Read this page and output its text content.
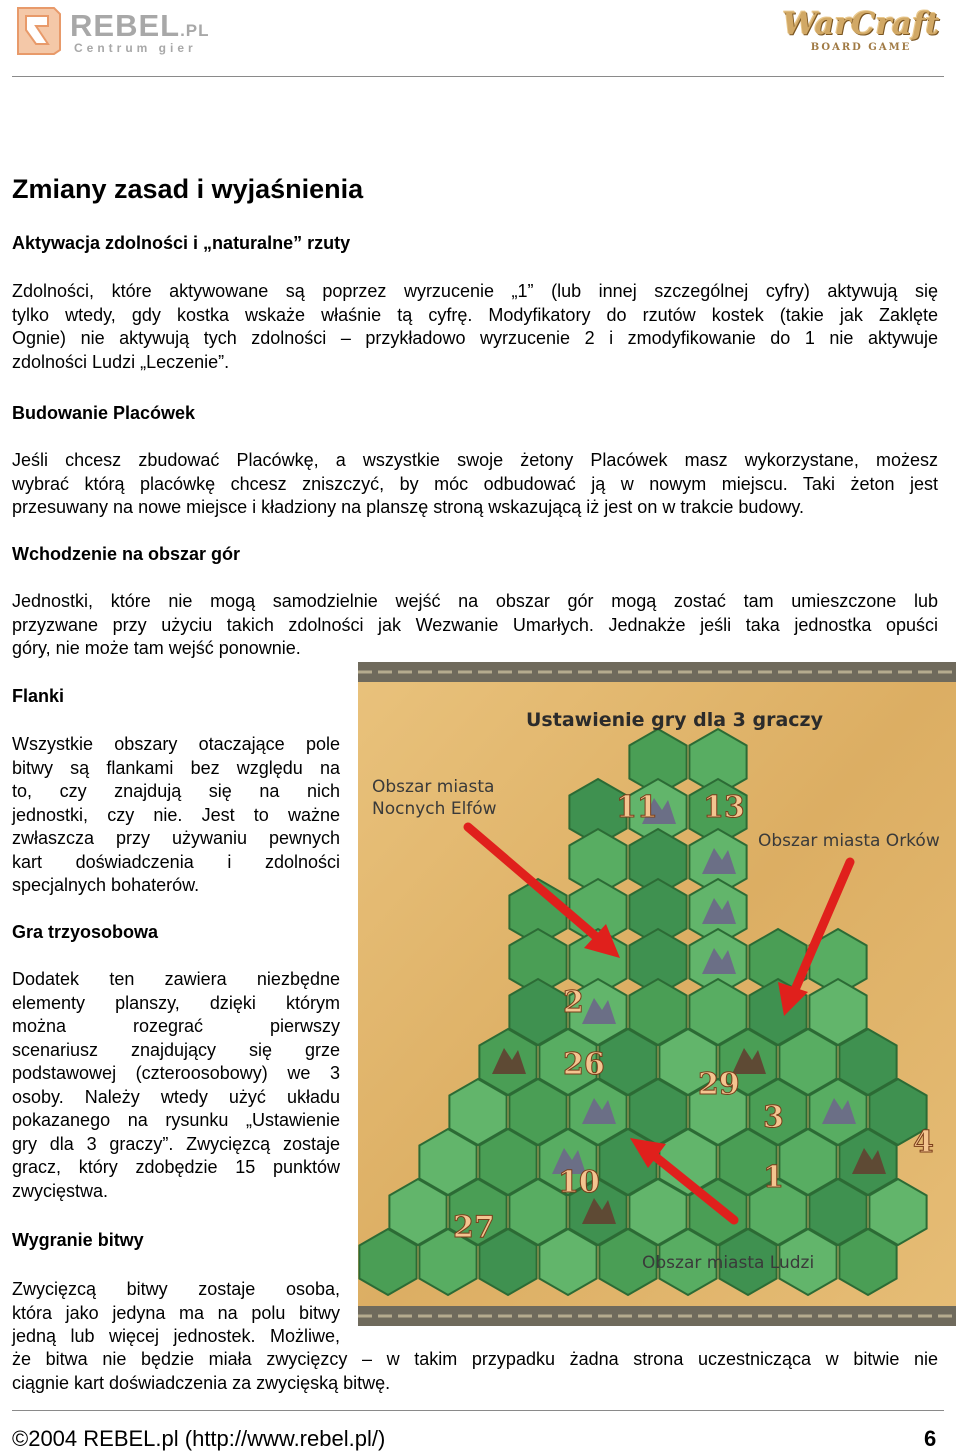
REBEL.PL
Centrum gier
WarCraft
BOARD GAME
Zmiany zasad i wyjaśnienia
Aktywacja zdolności i „naturalne” rzuty
Zdolności, które aktywowane są poprzez wyrzucenie „1” (lub innej szczególnej cyfry) aktywują się
tylko wtedy, gdy kostka wskaże właśnie tą cyfrę. Modyfikatory do rzutów kostek (takie jak Zaklęte
Ognie) nie aktywują tych zdolności – przykładowo wyrzucenie 2 i zmodyfikowanie do 1 nie aktywuje
zdolności Ludzi „Leczenie”.
Budowanie Placówek
Jeśli chcesz zbudować Placówkę, a wszystkie swoje żetony Placówek masz wykorzystane, możesz
wybrać którą placówkę chcesz zniszczyć, by móc odbudować ją w nowym miejscu. Taki żeton jest
przesuwany na nowe miejsce i kładziony na planszę stroną wskazującą iż jest on w trakcie budowy.
Wchodzenie na obszar gór
Jednostki, które nie mogą samodzielnie wejść na obszar gór mogą zostać tam umieszczone lub
przyzwane przy użyciu takich zdolności jak Wezwanie Umarłych. Jednakże jeśli taka jednostka opuści
góry, nie może tam wejść ponownie.
Flanki
Wszystkie obszary otaczające pole
bitwy są flankami bez względu na
to, czy znajdują się na nich
jednostki, czy nie. Jest to ważne
zwłaszcza przy używaniu pewnych
kart doświadczenia i zdolności
specjalnych bohaterów.
Gra trzyosobowa
Dodatek ten zawiera niezbędne
elementy planszy, dzięki którym
można rozegrać pierwszy
scenariusz znajdujący się grze
podstawowej (czteroosobowy) we 3
osoby. Należy wtedy użyć układu
pokazanego na rysunku „Ustawienie
gry dla 3 graczy”. Zwycięzcą zostaje
gracz, który zdobędzie 15 punktów
zwycięstwa.
Wygranie bitwy
Zwycięzcą bitwy zostaje osoba,
która jako jedyna ma na polu bitwy
jedną lub więcej jednostek. Możliwe,
że bitwa nie będzie miała zwycięzcy – w takim przypadku żadna strona uczestnicząca w bitwie nie
ciągnie kart doświadczenia za zwycięską bitwę.
11 13
2
26
29
3
4
1
10
27
Ustawienie gry dla 3 graczy
Obszar miasta
Nocnych Elfów
Obszar miasta Orków
Obszar miasta Ludzi
©2004 REBEL.pl (http://www.rebel.pl/)	6
